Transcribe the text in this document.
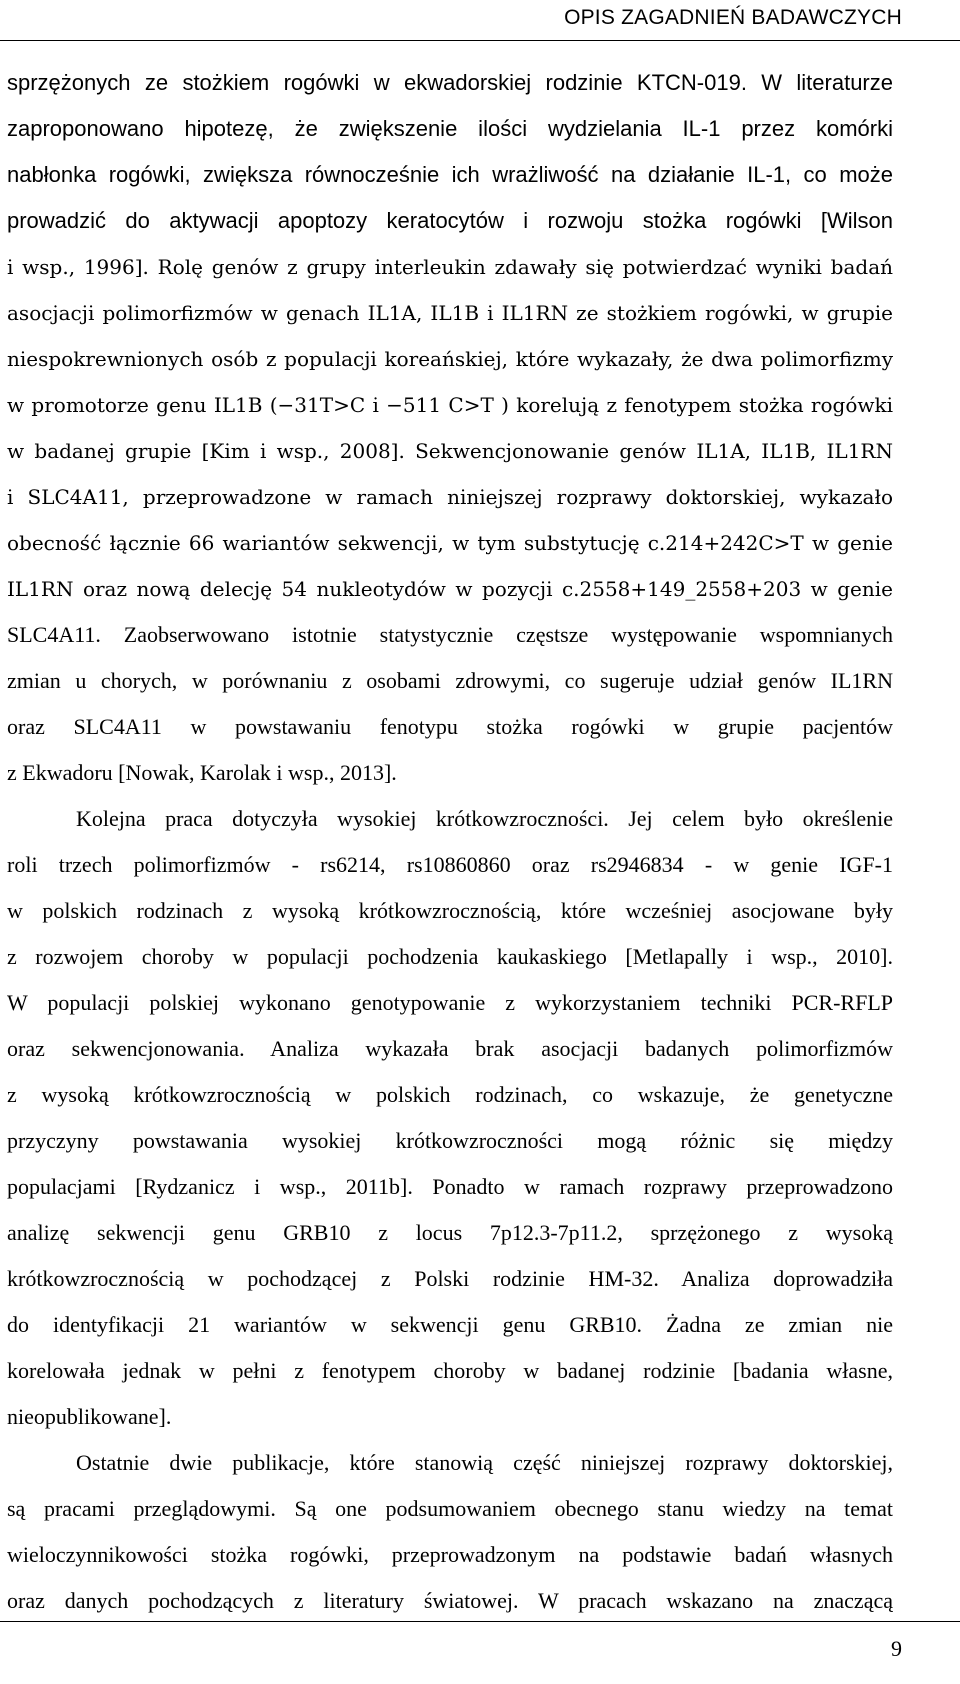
OPIS ZAGADNIEŃ BADAWCZYCH
sprzężonych ze stożkiem rogówki w ekwadorskiej rodzinie KTCN-019. W literaturze
zaproponowano hipotezę, że zwiększenie ilości wydzielania IL-1 przez komórki
nabłonka rogówki, zwiększa równocześnie ich wrażliwość na działanie IL-1, co może
prowadzić do aktywacji apoptozy keratocytów i rozwoju stożka rogówki [Wilson
i wsp., 1996]. Rolę genów z grupy interleukin zdawały się potwierdzać wyniki badań
asocjacji polimorfizmów w genach IL1A, IL1B i IL1RN ze stożkiem rogówki, w grupie
niespokrewnionych osób z populacji koreańskiej, które wykazały, że dwa polimorfizmy
w promotorze genu IL1B (−31T>C i −511 C>T ) korelują z fenotypem stożka rogówki
w badanej grupie [Kim i wsp., 2008]. Sekwencjonowanie genów IL1A, IL1B, IL1RN
i SLC4A11, przeprowadzone w ramach niniejszej rozprawy doktorskiej, wykazało
obecność łącznie 66 wariantów sekwencji, w tym substytucję c.214+242C>T w genie
IL1RN oraz nową delecję 54 nukleotydów w pozycji c.2558+149_2558+203 w genie
SLC4A11. Zaobserwowano istotnie statystycznie częstsze występowanie wspomnianych
zmian u chorych, w porównaniu z osobami zdrowymi, co sugeruje udział genów IL1RN
oraz SLC4A11 w powstawaniu fenotypu stożka rogówki w grupie pacjentów
z Ekwadoru [Nowak, Karolak i wsp., 2013].
Kolejna praca dotyczyła wysokiej krótkowzroczności. Jej celem było określenie
roli trzech polimorfizmów - rs6214, rs10860860 oraz rs2946834 - w genie IGF-1
w polskich rodzinach z wysoką krótkowzrocznością, które wcześniej asocjowane były
z rozwojem choroby w populacji pochodzenia kaukaskiego [Metlapally i wsp., 2010].
W populacji polskiej wykonano genotypowanie z wykorzystaniem techniki PCR-RFLP
oraz sekwencjonowania. Analiza wykazała brak asocjacji badanych polimorfizmów
z wysoką krótkowzrocznością w polskich rodzinach, co wskazuje, że genetyczne
przyczyny powstawania wysokiej krótkowzroczności mogą różnic się między
populacjami [Rydzanicz i wsp., 2011b]. Ponadto w ramach rozprawy przeprowadzono
analizę sekwencji genu GRB10 z locus 7p12.3-7p11.2, sprzężonego z wysoką
krótkowzrocznością w pochodzącej z Polski rodzinie HM-32. Analiza doprowadziła
do identyfikacji 21 wariantów w sekwencji genu GRB10. Żadna ze zmian nie
korelowała jednak w pełni z fenotypem choroby w badanej rodzinie [badania własne,
nieopublikowane].
Ostatnie dwie publikacje, które stanowią część niniejszej rozprawy doktorskiej,
są pracami przeglądowymi. Są one podsumowaniem obecnego stanu wiedzy na temat
wieloczynnikowości stożka rogówki, przeprowadzonym na podstawie badań własnych
oraz danych pochodzących z literatury światowej. W pracach wskazano na znaczącą
9
